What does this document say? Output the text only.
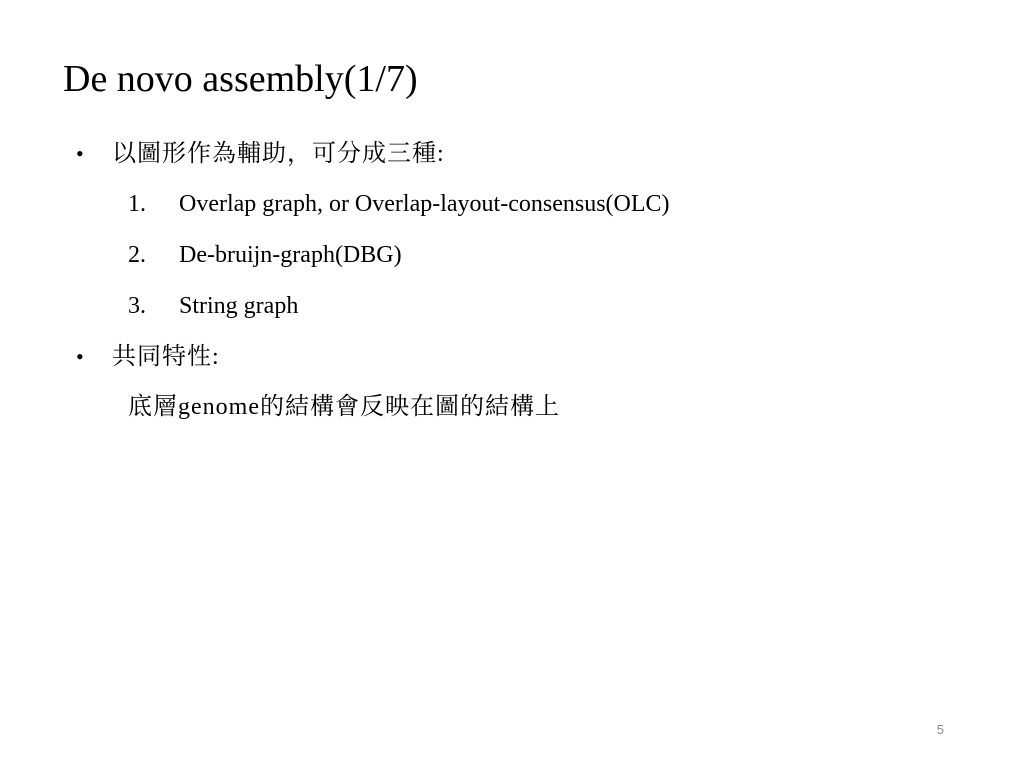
De novo assembly(1/7)
•	以圖形作為輔助，可分成三種:
1.	Overlap graph, or Overlap-layout-consensus(OLC)
2.	De-bruijn-graph(DBG)
3.	String graph
•	共同特性:
底層genome的結構會反映在圖的結構上
5
